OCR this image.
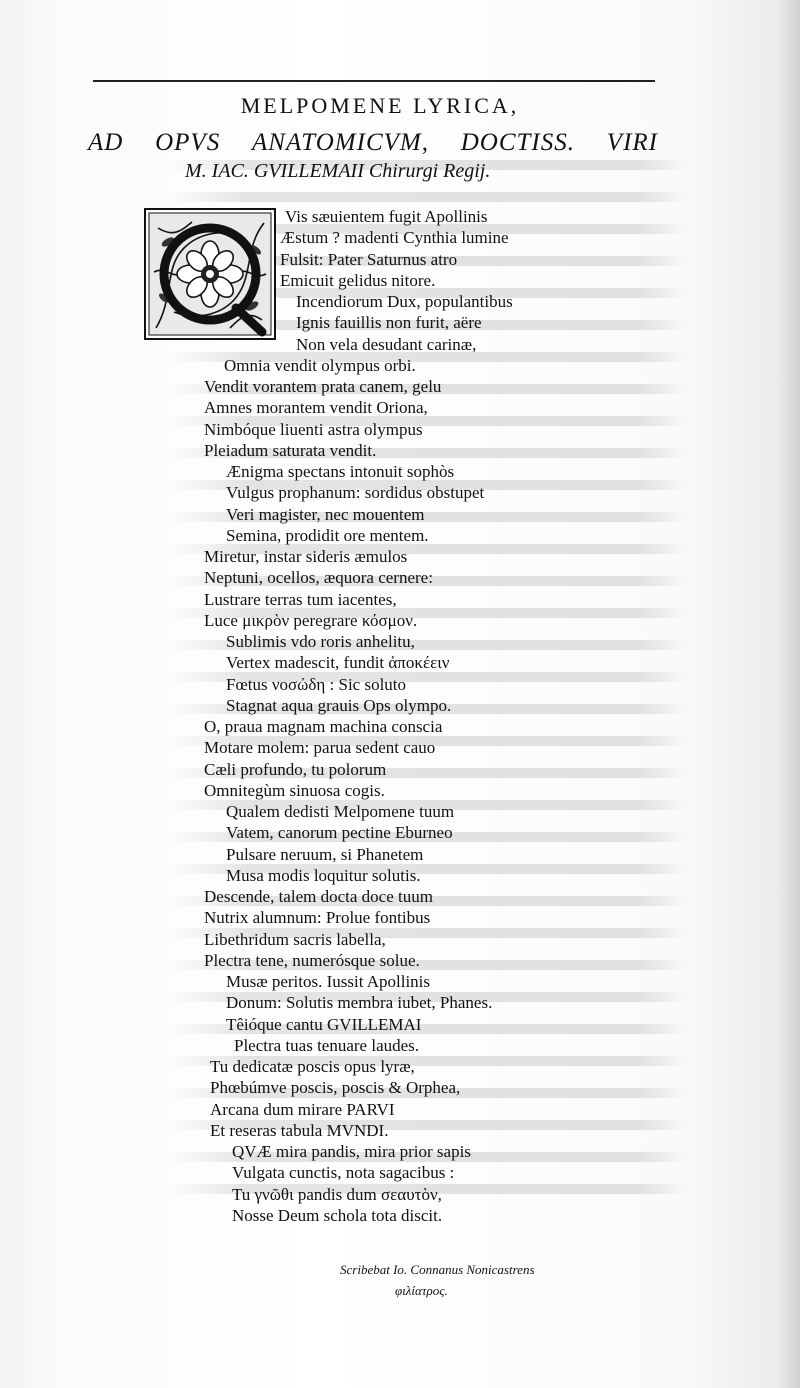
MELPOMENE LYRICA,
AD OPVS ANATOMICVM, DOCTISS. VIRI
M. IAC. GVILLEMAII Chirurgi Regij.
Vis sæuientem fugit Apollinis
Æstum ? madenti Cynthia lumine
Fulsit: Pater Saturnus atro
Emicuit gelidus nitore.
Incendiorum Dux, populantibus
Ignis fauillis non furit, aëre
Non vela desudant carinæ,
Omnia vendit olympus orbi.
Vendit vorantem prata canem, gelu
Amnes morantem vendit Oriona,
Nimbóque liuenti astra olympus
Pleiadum saturata vendit.
Ænigma spectans intonuit sophòs
Vulgus prophanum: sordidus obstupet
Veri magister, nec mouentem
Semina, prodidit ore mentem.
Miretur, instar sideris æmulos
Neptuni, ocellos, æquora cernere:
Lustrare terras tum iacentes,
Luce μικρὸν peregrare κόσμον.
Sublimis vdo roris anhelitu,
Vertex madescit, fundit ἀποκέειν
Fœtus νοσώδη : Sic soluto
Stagnat aqua grauis Ops olympo.
O, praua magnam machina conscia
Motare molem: parua sedent cauo
Cæli profundo, tu polorum
Omnitegùm sinuosa cogis.
Qualem dedisti Melpomene tuum
Vatem, canorum pectine Eburneo
Pulsare neruum, si Phanetem
Musa modis loquitur solutis.
Descende, talem docta doce tuum
Nutrix alumnum: Prolue fontibus
Libethridum sacris labella,
Plectra tene, numerósque solue.
Musæ peritos. Iussit Apollinis
Donum: Solutis membra iubet, Phanes.
Têióque cantu GVILLEMAI
Plectra tuas tenuare laudes.
Tu dedicatæ poscis opus lyræ,
Phœbúmve poscis, poscis & Orphea,
Arcana dum mirare PARVI
Et reseras tabula MVNDI.
QVÆ mira pandis, mira prior sapis
Vulgata cunctis, nota sagacibus :
Tu γνῶθι pandis dum σεαυτὸν,
Nosse Deum schola tota discit.
Scribebat Io. Connanus Nonicastrens
φιλίατρος.
